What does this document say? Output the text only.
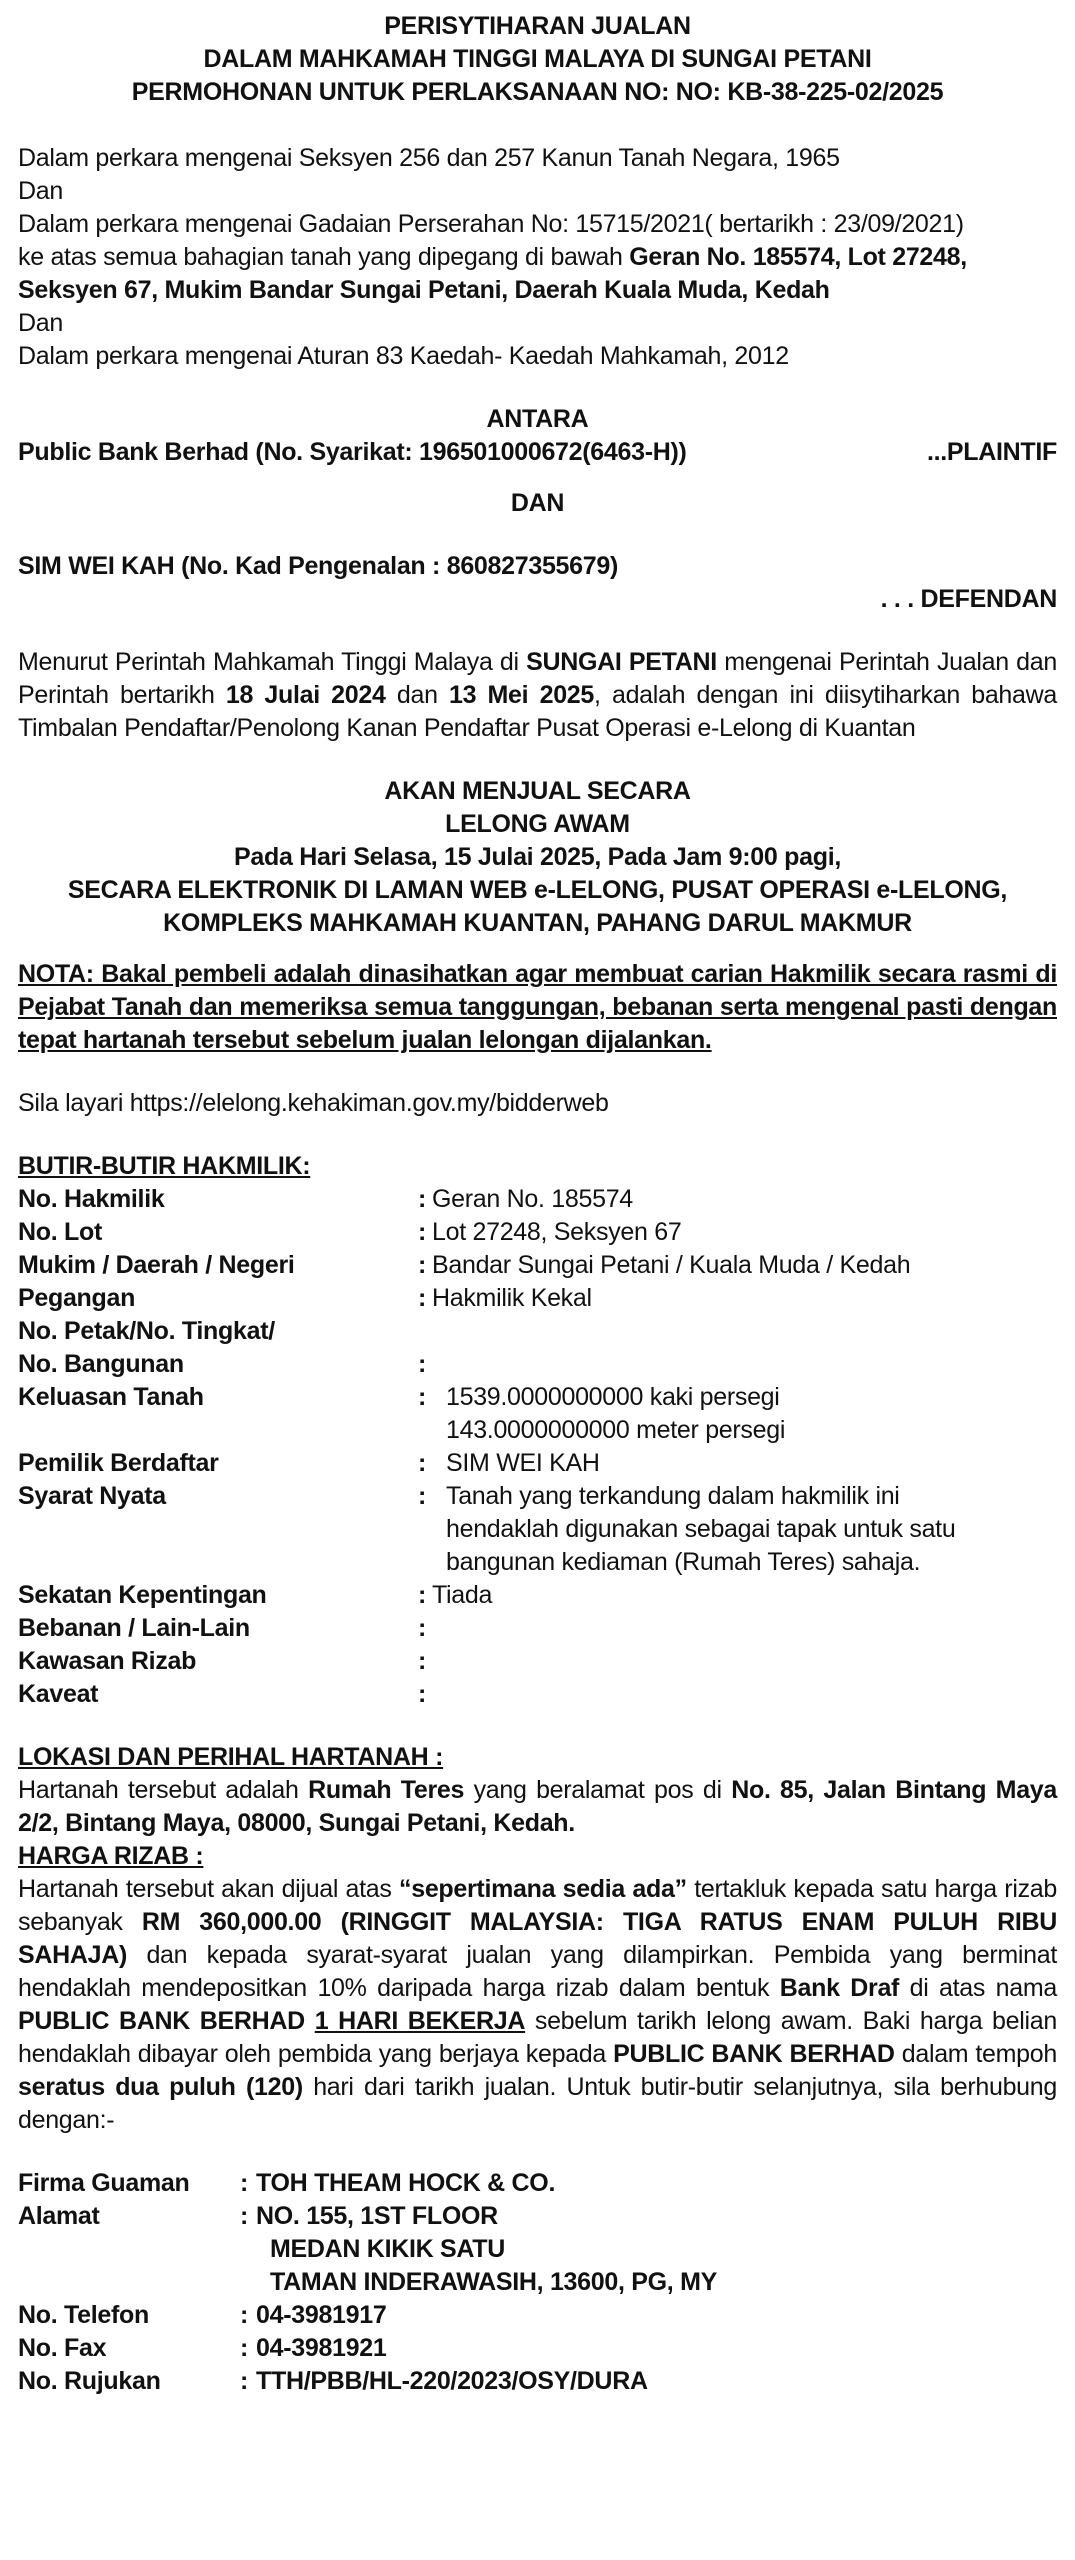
PERISYTIHARAN JUALAN
DALAM MAHKAMAH TINGGI MALAYA DI SUNGAI PETANI
PERMOHONAN UNTUK PERLAKSANAAN NO: NO: KB-38-225-02/2025
Dalam perkara mengenai Seksyen 256 dan 257 Kanun Tanah Negara, 1965
Dan
Dalam perkara mengenai Gadaian Perserahan No: 15715/2021( bertarikh : 23/09/2021)
ke atas semua bahagian tanah yang dipegang di bawah Geran No. 185574, Lot 27248,
Seksyen 67, Mukim Bandar Sungai Petani, Daerah Kuala Muda, Kedah
Dan
Dalam perkara mengenai Aturan 83 Kaedah- Kaedah Mahkamah, 2012
ANTARA
Public Bank Berhad (No. Syarikat: 196501000672(6463-H))	...PLAINTIF
DAN
SIM WEI KAH (No. Kad Pengenalan : 860827355679)
. . . DEFENDAN

Menurut Perintah Mahkamah Tinggi Malaya di SUNGAI PETANI mengenai Perintah Jualan dan Perintah bertarikh 18 Julai 2024 dan 13 Mei 2025, adalah dengan ini diisytiharkan bahawa Timbalan Pendaftar/Penolong Kanan Pendaftar Pusat Operasi e-Lelong di Kuantan

AKAN MENJUAL SECARA
LELONG AWAM
Pada Hari Selasa, 15 Julai 2025, Pada Jam 9:00 pagi,
SECARA ELEKTRONIK DI LAMAN WEB e-LELONG, PUSAT OPERASI e-LELONG,
KOMPLEKS MAHKAMAH KUANTAN, PAHANG DARUL MAKMUR

NOTA: Bakal pembeli adalah dinasihatkan agar membuat carian Hakmilik secara rasmi di Pejabat Tanah dan memeriksa semua tanggungan, bebanan serta mengenal pasti dengan tepat hartanah tersebut sebelum jualan lelongan dijalankan.

Sila layari https://elelong.kehakiman.gov.my/bidderweb
BUTIR-BUTIR HAKMILIK:
No. Hakmilik	: Geran No. 185574
No. Lot	: Lot 27248, Seksyen 67
Mukim / Daerah / Negeri	: Bandar Sungai Petani / Kuala Muda / Kedah
Pegangan	: Hakmilik Kekal
No. Petak/No. Tingkat/
No. Bangunan	:
Keluasan Tanah	: 1539.0000000000 kaki persegi
143.0000000000 meter persegi
Pemilik Berdaftar	: SIM WEI KAH
Syarat Nyata	: Tanah yang terkandung dalam hakmilik ini
hendaklah digunakan sebagai tapak untuk satu
bangunan kediaman (Rumah Teres) sahaja.
Sekatan Kepentingan	: Tiada
Bebanan / Lain-Lain	:
Kawasan Rizab	:
Kaveat	:
LOKASI DAN PERIHAL HARTANAH :

Hartanah tersebut adalah Rumah Teres yang beralamat pos di No. 85, Jalan Bintang Maya 2/2, Bintang Maya, 08000, Sungai Petani, Kedah.

HARGA RIZAB :

Hartanah tersebut akan dijual atas “sepertimana sedia ada” tertakluk kepada satu harga rizab sebanyak RM 360,000.00 (RINGGIT MALAYSIA: TIGA RATUS ENAM PULUH RIBU SAHAJA) dan kepada syarat-syarat jualan yang dilampirkan. Pembida yang berminat hendaklah mendepositkan 10% daripada harga rizab dalam bentuk Bank Draf di atas nama PUBLIC BANK BERHAD 1 HARI BEKERJA sebelum tarikh lelong awam. Baki harga belian hendaklah dibayar oleh pembida yang berjaya kepada PUBLIC BANK BERHAD dalam tempoh seratus dua puluh (120) hari dari tarikh jualan. Untuk butir-butir selanjutnya, sila berhubung dengan:-

Firma Guaman	: TOH THEAM HOCK & CO.
Alamat	: NO. 155, 1ST FLOOR
MEDAN KIKIK SATU
TAMAN INDERAWASIH, 13600, PG, MY
No. Telefon	: 04-3981917
No. Fax	: 04-3981921
No. Rujukan	: TTH/PBB/HL-220/2023/OSY/DURA
